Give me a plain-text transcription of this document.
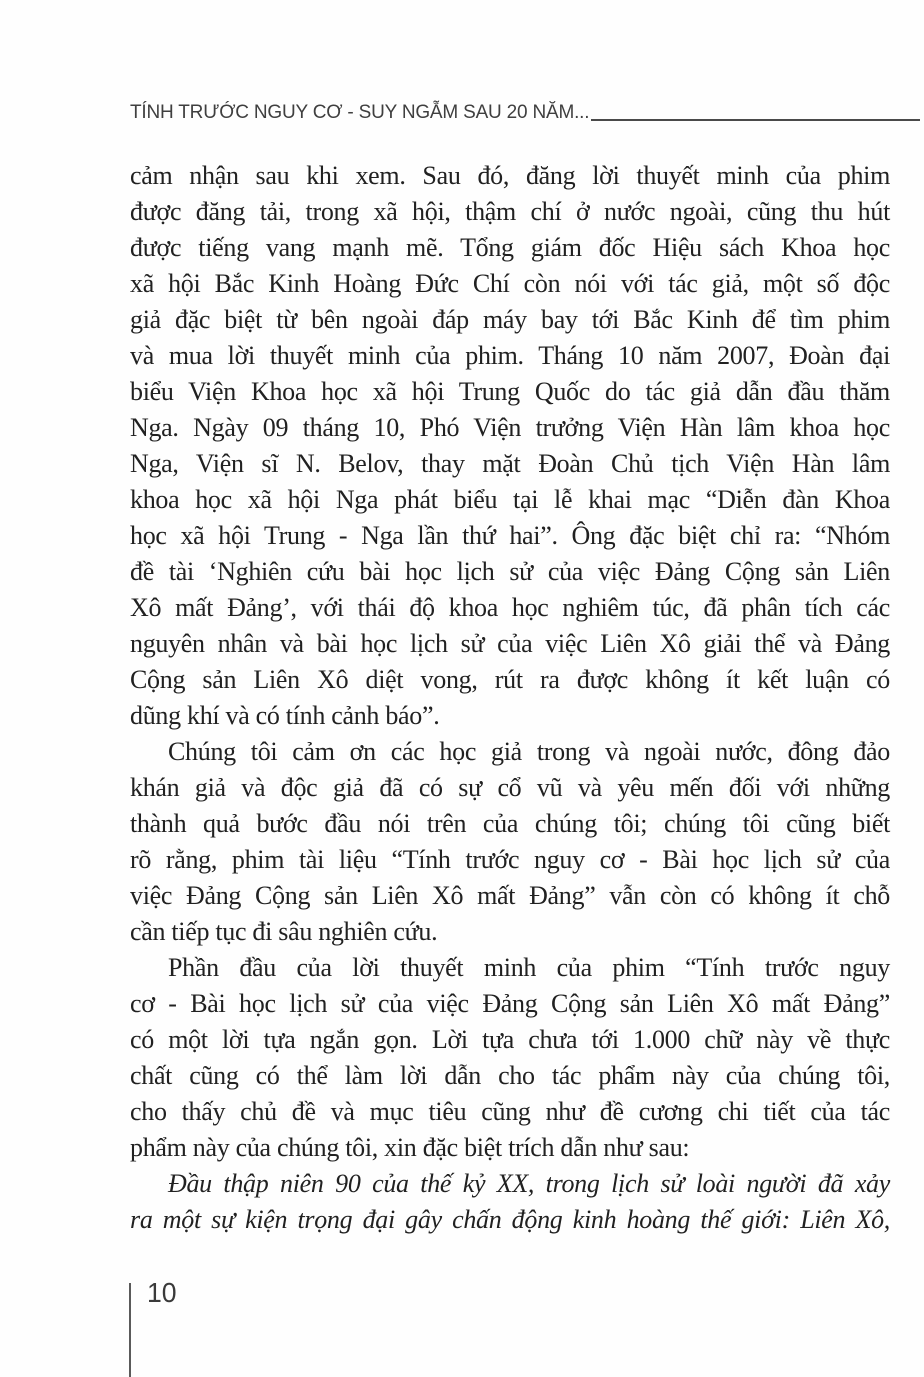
TÍNH TRƯỚC NGUY CƠ - SUY NGẪM SAU 20 NĂM...

cảm nhận sau khi xem. Sau đó, đăng lời thuyết minh của phim
được đăng tải, trong xã hội, thậm chí ở nước ngoài, cũng thu hút
được tiếng vang mạnh mẽ. Tổng giám đốc Hiệu sách Khoa học
xã hội Bắc Kinh Hoàng Đức Chí còn nói với tác giả, một số độc
giả đặc biệt từ bên ngoài đáp máy bay tới Bắc Kinh để tìm phim
và mua lời thuyết minh của phim. Tháng 10 năm 2007, Đoàn đại
biểu Viện Khoa học xã hội Trung Quốc do tác giả dẫn đầu thăm
Nga. Ngày 09 tháng 10, Phó Viện trưởng Viện Hàn lâm khoa học
Nga, Viện sĩ N. Belov, thay mặt Đoàn Chủ tịch Viện Hàn lâm
khoa học xã hội Nga phát biểu tại lễ khai mạc “Diễn đàn Khoa
học xã hội Trung - Nga lần thứ hai”. Ông đặc biệt chỉ ra: “Nhóm
đề tài ‘Nghiên cứu bài học lịch sử của việc Đảng Cộng sản Liên
Xô mất Đảng’, với thái độ khoa học nghiêm túc, đã phân tích các
nguyên nhân và bài học lịch sử của việc Liên Xô giải thể và Đảng
Cộng sản Liên Xô diệt vong, rút ra được không ít kết luận có
dũng khí và có tính cảnh báo”.

Chúng tôi cảm ơn các học giả trong và ngoài nước, đông đảo
khán giả và độc giả đã có sự cổ vũ và yêu mến đối với những
thành quả bước đầu nói trên của chúng tôi; chúng tôi cũng biết
rõ rằng, phim tài liệu “Tính trước nguy cơ - Bài học lịch sử của
việc Đảng Cộng sản Liên Xô mất Đảng” vẫn còn có không ít chỗ
cần tiếp tục đi sâu nghiên cứu.

Phần đầu của lời thuyết minh của phim “Tính trước nguy
cơ - Bài học lịch sử của việc Đảng Cộng sản Liên Xô mất Đảng”
có một lời tựa ngắn gọn. Lời tựa chưa tới 1.000 chữ này về thực
chất cũng có thể làm lời dẫn cho tác phẩm này của chúng tôi,
cho thấy chủ đề và mục tiêu cũng như đề cương chi tiết của tác
phẩm này của chúng tôi, xin đặc biệt trích dẫn như sau:

Đầu thập niên 90 của thế kỷ XX, trong lịch sử loài người đã xảy
ra một sự kiện trọng đại gây chấn động kinh hoàng thế giới: Liên Xô,

10
